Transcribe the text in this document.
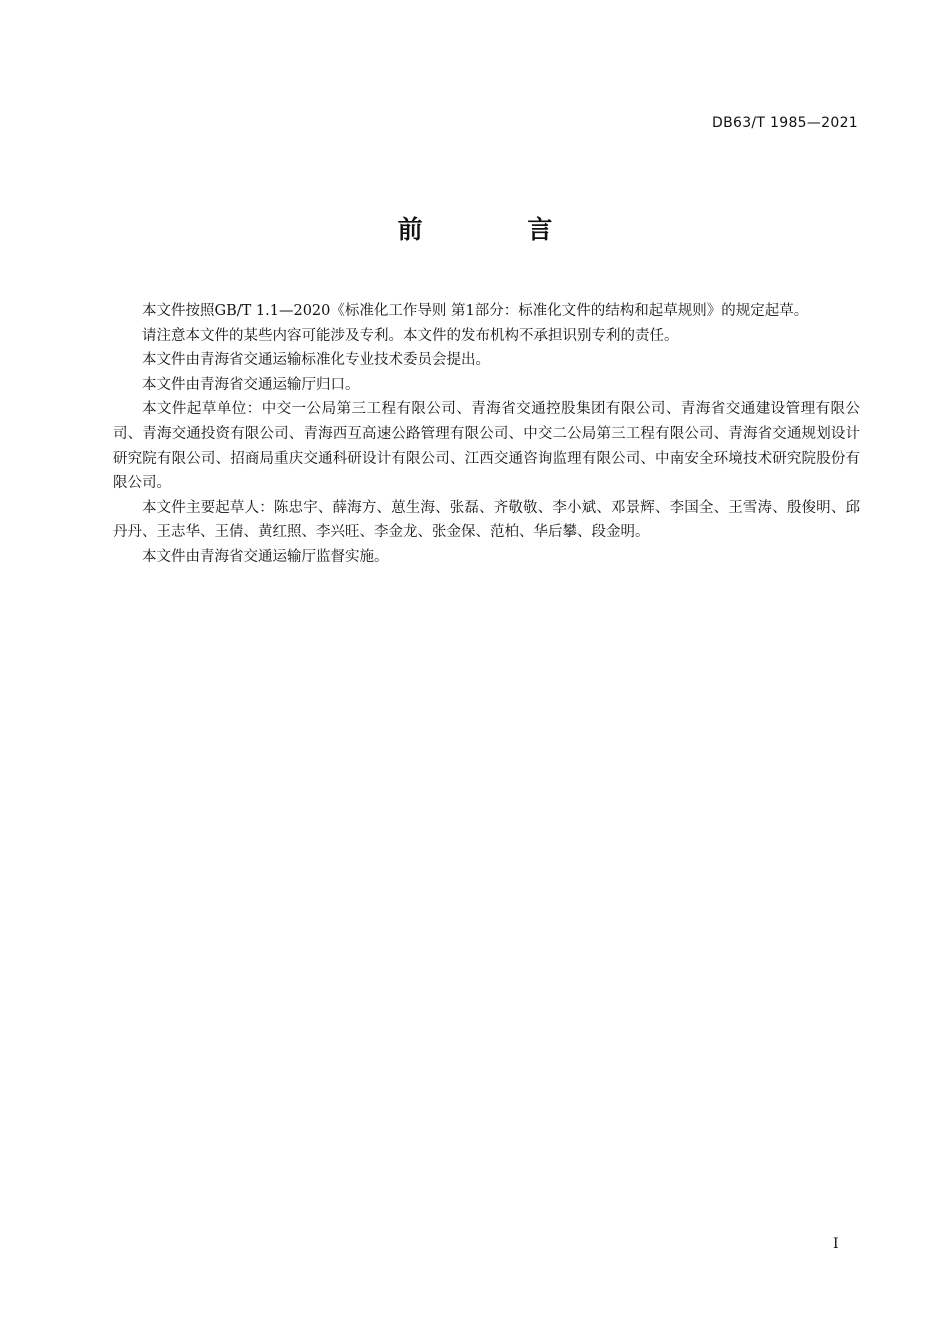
DB63/T 1985—2021
前 言

本文件按照GB/T 1.1—2020《标准化工作导则 第1部分：标准化文件的结构和起草规则》的规定起草。

请注意本文件的某些内容可能涉及专利。本文件的发布机构不承担识别专利的责任。

本文件由青海省交通运输标准化专业技术委员会提出。

本文件由青海省交通运输厅归口。

本文件起草单位：中交一公局第三工程有限公司、青海省交通控股集团有限公司、青海省交通建设管理有限公司、青海交通投资有限公司、青海西互高速公路管理有限公司、中交二公局第三工程有限公司、青海省交通规划设计研究院有限公司、招商局重庆交通科研设计有限公司、江西交通咨询监理有限公司、中南安全环境技术研究院股份有限公司。

本文件主要起草人：陈忠宇、薛海方、葸生海、张磊、齐敬敬、李小斌、邓景辉、李国全、王雪涛、殷俊明、邱丹丹、王志华、王倩、黄红照、李兴旺、李金龙、张金保、范柏、华后攀、段金明。

本文件由青海省交通运输厅监督实施。

I
